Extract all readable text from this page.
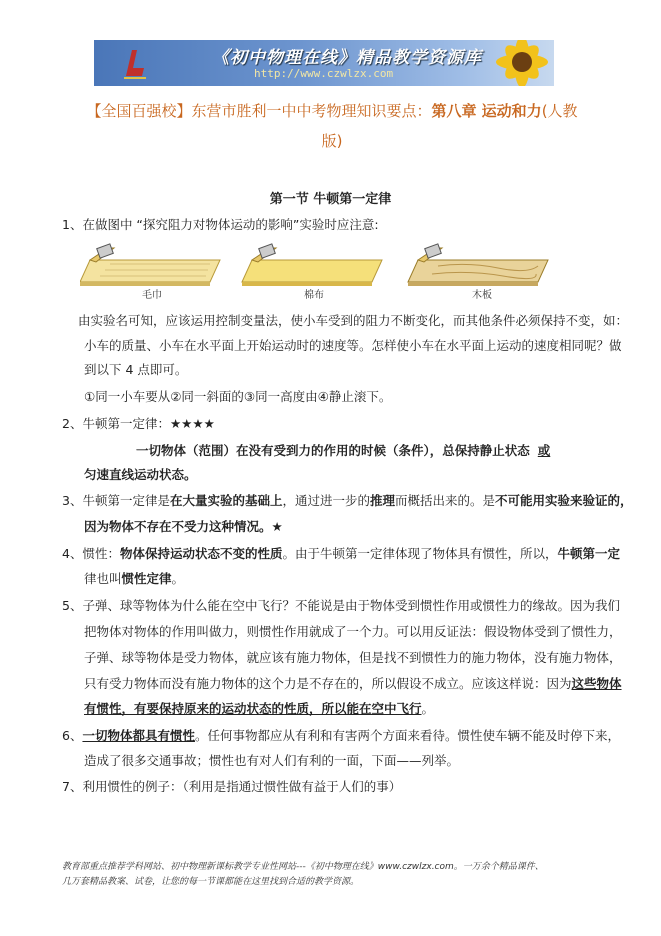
《初中物理在线》精品教学资源库
http://www.czwlzx.com
【全国百强校】东营市胜利一中中考物理知识要点：第八章 运动和力(人教
版)
第一节 牛顿第一定律
1、在做图中 “探究阻力对物体运动的影响”实验时应注意:
毛巾	棉布	木板
由实验名可知，应该运用控制变量法，使小车受到的阻力不断变化，而其他条件必须保持不变，如：
小车的质量、小车在水平面上开始运动时的速度等。怎样使小车在水平面上运动的速度相同呢？做
到以下 4 点即可。
①同一小车要从②同一斜面的③同一高度由④静止滚下。
2、牛顿第一定律：★★★★
一切物体（范围）在没有受到力的作用的时候（条件），总保持静止状态 或
匀速直线运动状态。
3、牛顿第一定律是在大量实验的基础上，通过进一步的推理而概括出来的。是不可能用实验来验证的，
因为物体不存在不受力这种情况。★
4、惯性：物体保持运动状态不变的性质。由于牛顿第一定律体现了物体具有惯性，所以，牛顿第一定
律也叫惯性定律。
5、子弹、球等物体为什么能在空中飞行？不能说是由于物体受到惯性作用或惯性力的缘故。因为我们
把物体对物体的作用叫做力，则惯性作用就成了一个力。可以用反证法：假设物体受到了惯性力，
子弹、球等物体是受力物体，就应该有施力物体，但是找不到惯性力的施力物体，没有施力物体，
只有受力物体而没有施力物体的这个力是不存在的，所以假设不成立。应该这样说：因为这些物体
有惯性，有要保持原来的运动状态的性质，所以能在空中飞行。
6、一切物体都具有惯性。任何事物都应从有利和有害两个方面来看待。惯性使车辆不能及时停下来，
造成了很多交通事故；惯性也有对人们有利的一面，下面——列举。
7、利用惯性的例子：（利用是指通过惯性做有益于人们的事）
教育部重点推荐学科网站、初中物理新课标教学专业性网站---《初中物理在线》www.czwlzx.com。一万余个精品课件、
几万套精品教案、试卷，让您的每一节课都能在这里找到合适的教学资源。
